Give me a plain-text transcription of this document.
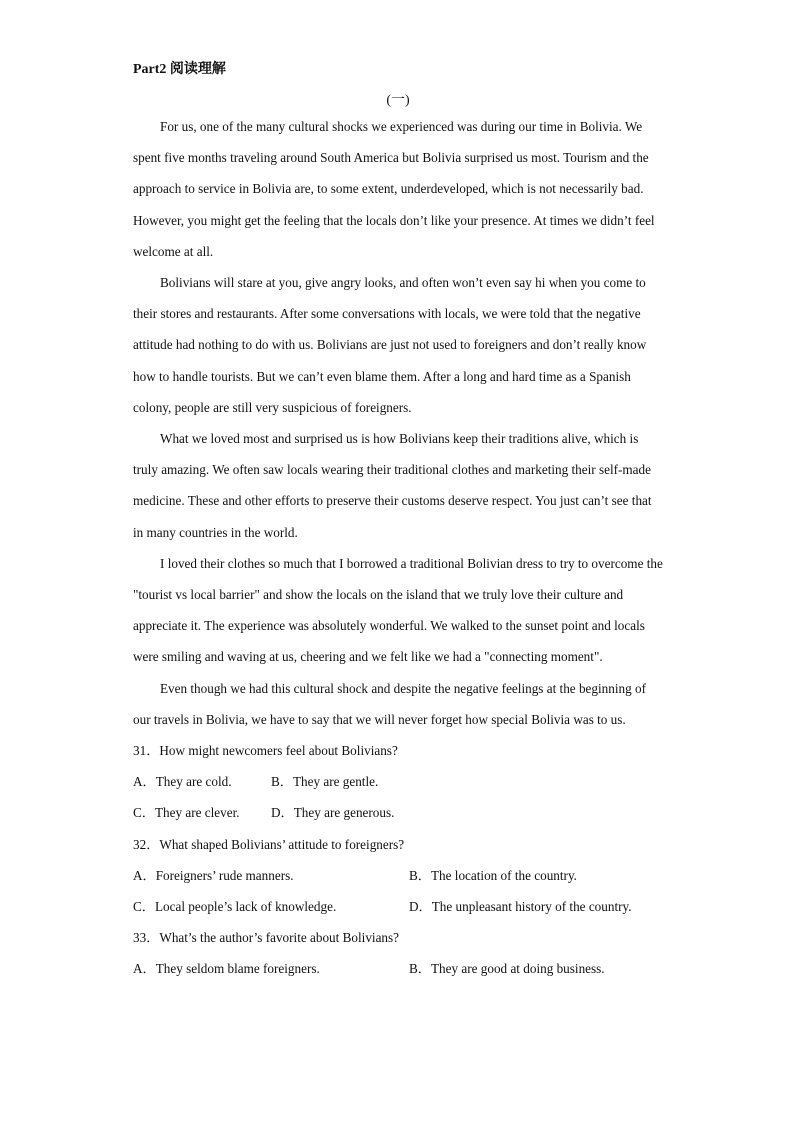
Part2 阅读理解

(一)

For us, one of the many cultural shocks we experienced was during our time in Bolivia. We spent five months traveling around South America but Bolivia surprised us most. Tourism and the approach to service in Bolivia are, to some extent, underdeveloped, which is not necessarily bad. However, you might get the feeling that the locals don’t like your presence. At times we didn’t feel welcome at all.

Bolivians will stare at you, give angry looks, and often won’t even say hi when you come to their stores and restaurants. After some conversations with locals, we were told that the negative attitude had nothing to do with us. Bolivians are just not used to foreigners and don’t really know how to handle tourists. But we can’t even blame them. After a long and hard time as a Spanish colony, people are still very suspicious of foreigners.

What we loved most and surprised us is how Bolivians keep their traditions alive, which is truly amazing. We often saw locals wearing their traditional clothes and marketing their self-made medicine. These and other efforts to preserve their customs deserve respect. You just can’t see that in many countries in the world.

I loved their clothes so much that I borrowed a traditional Bolivian dress to try to overcome the "tourist vs local barrier" and show the locals on the island that we truly love their culture and appreciate it. The experience was absolutely wonderful. We walked to the sunset point and locals were smiling and waving at us, cheering and we felt like we had a "connecting moment".

Even though we had this cultural shock and despite the negative feelings at the beginning of our travels in Bolivia, we have to say that we will never forget how special Bolivia was to us.

31．How might newcomers feel about Bolivians?

A．They are cold.	B．They are gentle.
C．They are clever.	D．They are generous.

32．What shaped Bolivians’ attitude to foreigners?

A．Foreigners’ rude manners.	B．The location of the country.
C．Local people’s lack of knowledge.	D．The unpleasant history of the country.

33．What’s the author’s favorite about Bolivians?

A．They seldom blame foreigners.	B．They are good at doing business.
